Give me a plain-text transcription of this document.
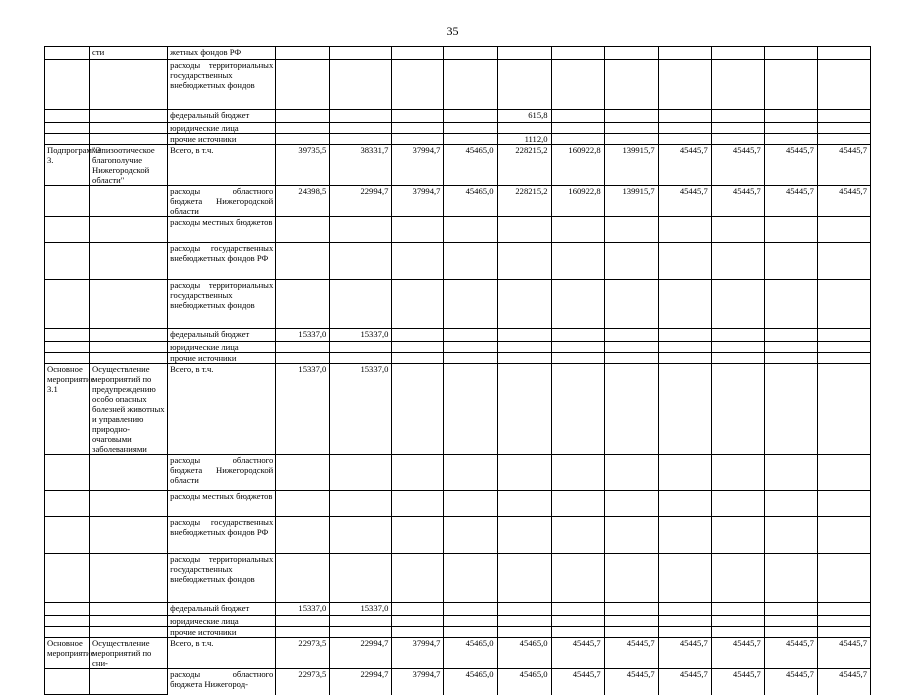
35
	сти	жетных фондов РФ											
		расходы территориальных государственных внебюджетных фондов											
		федеральный бюджет					615,8						
		юридические лица											
		прочие источники					1112,0						
Подпрограмма 3.	"Эпизоотическое благополучие Нижегородской области"	Всего, в т.ч.	39735,5	38331,7	37994,7	45465,0	228215,2	160922,8	139915,7	45445,7	45445,7	45445,7	45445,7
		расходы областного бюджета Нижегородской области	24398,5	22994,7	37994,7	45465,0	228215,2	160922,8	139915,7	45445,7	45445,7	45445,7	45445,7
		расходы местных бюджетов											
		расходы государственных внебюджетных фондов РФ											
		расходы территориальных государственных внебюджетных фондов											
		федеральный бюджет	15337,0	15337,0									
		юридические лица											
		прочие источники											
Основное мероприятие 3.1	Осуществление мероприятий по предупреждению особо опасных болезней животных и управлению природно-очаговыми заболеваниями	Всего, в т.ч.	15337,0	15337,0									
		расходы областного бюджета Нижегородской области											
		расходы местных бюджетов											
		расходы государственных внебюджетных фондов РФ											
		расходы территориальных государственных внебюджетных фондов											
		федеральный бюджет	15337,0	15337,0									
		юридические лица											
		прочие источники											
Основное мероприятие	Осуществление мероприятий по сни-	Всего, в т.ч.	22973,5	22994,7	37994,7	45465,0	45465,0	45445,7	45445,7	45445,7	45445,7	45445,7	45445,7
		расходы областного бюджета Нижегород-	22973,5	22994,7	37994,7	45465,0	45465,0	45445,7	45445,7	45445,7	45445,7	45445,7	45445,7
